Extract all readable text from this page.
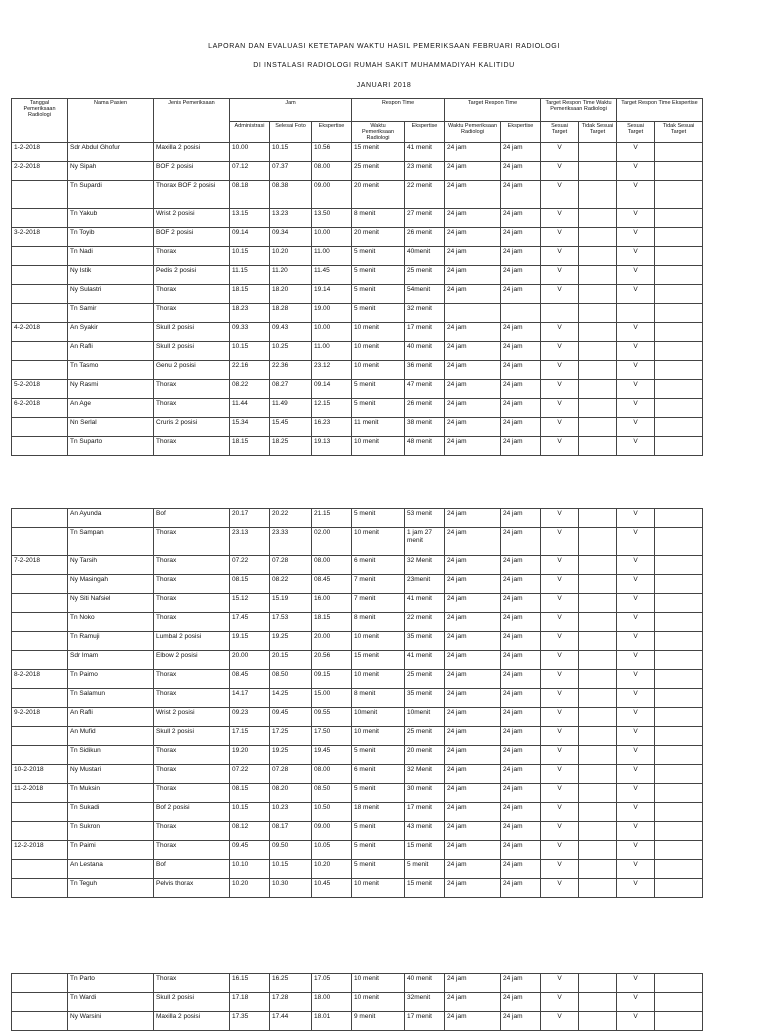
LAPORAN DAN EVALUASI KETETAPAN WAKTU HASIL PEMERIKSAAN FEBRUARI RADIOLOGI
DI INSTALASI RADIOLOGI RUMAH SAKIT MUHAMMADIYAH KALITIDU
JANUARI 2018
Tanggal Pemeriksaan Radiologi	Nama Pasien	Jenis Pemeriksaan	Jam			Respon Time		Target Respon Time		Target Respon Time Waktu Pemeriksaan Radiologi		Target Respon Time Ekspertise	
			Administrasi	Selesai Foto	Ekspertise	Waktu Pemeriksaan Radiologi	Ekspertise	Waktu Pemeriksaan Radiologi	Ekspertise	Sesuai Target	Tidak Sesuai Target	Sesuai Target	Tidak Sesuai Target
1-2-2018	Sdr Abdul Ghofur	Maxilla 2 posisi	10.00	10.15	10.56	15 menit	41 menit	24 jam	24 jam	V		V	
2-2-2018	Ny Sipah	BOF 2 posisi	07.12	07.37	08.00	25 menit	23 menit	24 jam	24 jam	V		V	
	Tn Supardi	Thorax BOF 2 posisi	08.18	08.38	09.00	20 menit	22 menit	24 jam	24 jam	V		V	
	Tn Yakub	Wrist 2 posisi	13.15	13.23	13.50	8 menit	27 menit	24 jam	24 jam	V		V	
3-2-2018	Tn Toyib	BOF 2 posisi	09.14	09.34	10.00	20 menit	26 menit	24 jam	24 jam	V		V	
	Tn Nadi	Thorax	10.15	10.20	11.00	5 menit	40menit	24 jam	24 jam	V		V	
	Ny Istik	Pedis 2 posisi	11.15	11.20	11.45	5 menit	25 menit	24 jam	24 jam	V		V	
	Ny Sulastri	Thorax	18.15	18.20	19.14	5 menit	54menit	24 jam	24 jam	V		V	
	Tn Samir	Thorax	18.23	18.28	19.00	5 menit	32 menit						
4-2-2018	An Syakir	Skull 2 posisi	09.33	09.43	10.00	10 menit	17 menit	24 jam	24 jam	V		V	
	An Rafli	Skull 2 posisi	10.15	10.25	11.00	10 menit	40 menit	24 jam	24 jam	V		V	
	Tn Tasmo	Genu 2 posisi	22.16	22.36	23.12	10 menit	36 menit	24 jam	24 jam	V		V	
5-2-2018	Ny Rasmi	Thorax	08.22	08.27	09.14	5 menit	47 menit	24 jam	24 jam	V		V	
6-2-2018	An Age	Thorax	11.44	11.49	12.15	5 menit	26 menit	24 jam	24 jam	V		V	
	Nn Serlal	Cruris 2 posisi	15.34	15.45	16.23	11 menit	38 menit	24 jam	24 jam	V		V	
	Tn Suparto	Thorax	18.15	18.25	19.13	10 menit	48 menit	24 jam	24 jam	V		V	
	An Ayunda	Bof	20.17	20.22	21.15	5 menit	53 menit	24 jam	24 jam	V		V	
	Tn Sampan	Thorax	23.13	23.33	02.00	10 menit	1 jam 27 menit	24 jam	24 jam	V		V	
7-2-2018	Ny Tarsih	Thorax	07.22	07.28	08.00	6 menit	32 Menit	24 jam	24 jam	V		V	
	Ny Masingah	Thorax	08.15	08.22	08.45	7 menit	23menit	24 jam	24 jam	V		V	
	Ny Siti Nafsiel	Thorax	15.12	15.19	16.00	7 menit	41 menit	24 jam	24 jam	V		V	
	Tn Noko	Thorax	17.45	17.53	18.15	8 menit	22 menit	24 jam	24 jam	V		V	
	Tn Ramuji	Lumbal 2 posisi	19.15	19.25	20.00	10 menit	35 menit	24 jam	24 jam	V		V	
	Sdr Imam	Elbow 2 posisi	20.00	20.15	20.56	15 menit	41 menit	24 jam	24 jam	V		V	
8-2-2018	Tn Paimo	Thorax	08.45	08.50	09.15	10 menit	25 menit	24 jam	24 jam	V		V	
	Tn Salamun	Thorax	14.17	14.25	15.00	8 menit	35 menit	24 jam	24 jam	V		V	
9-2-2018	An Rafli	Wrist 2 posisi	09.23	09.45	09.55	10menit	10menit	24 jam	24 jam	V		V	
	An Mufid	Skull 2 posisi	17.15	17.25	17.50	10 menit	25 menit	24 jam	24 jam	V		V	
	Tn Sidikun	Thorax	19.20	19.25	19.45	5 menit	20 menit	24 jam	24 jam	V		V	
10-2-2018	Ny Mustari	Thorax	07.22	07.28	08.00	6 menit	32 Menit	24 jam	24 jam	V		V	
11-2-2018	Tn Muksin	Thorax	08.15	08.20	08.50	5 menit	30 menit	24 jam	24 jam	V		V	
	Tn Sukadi	Bof 2 posisi	10.15	10.23	10.50	18 menit	17 menit	24 jam	24 jam	V		V	
	Tn Sukron	Thorax	08.12	08.17	09.00	5 menit	43 menit	24 jam	24 jam	V		V	
12-2-2018	Tn Paimi	Thorax	09.45	09.50	10.05	5 menit	15 menit	24 jam	24 jam	V		V	
	An Lestana	Bof	10.10	10.15	10.20	5 menit	5 menit	24 jam	24 jam	V		V	
	Tn Teguh	Pelvis thorax	10.20	10.30	10.45	10 menit	15 menit	24 jam	24 jam	V		V	
	Tn Parto	Thorax	16.15	16.25	17.05	10 menit	40 menit	24 jam	24 jam	V		V	
	Tn Wardi	Skull 2 posisi	17.18	17.28	18.00	10 menit	32menit	24 jam	24 jam	V		V	
	Ny Warsini	Maxilla 2 posisi	17.35	17.44	18.01	9 menit	17 menit	24 jam	24 jam	V		V	
